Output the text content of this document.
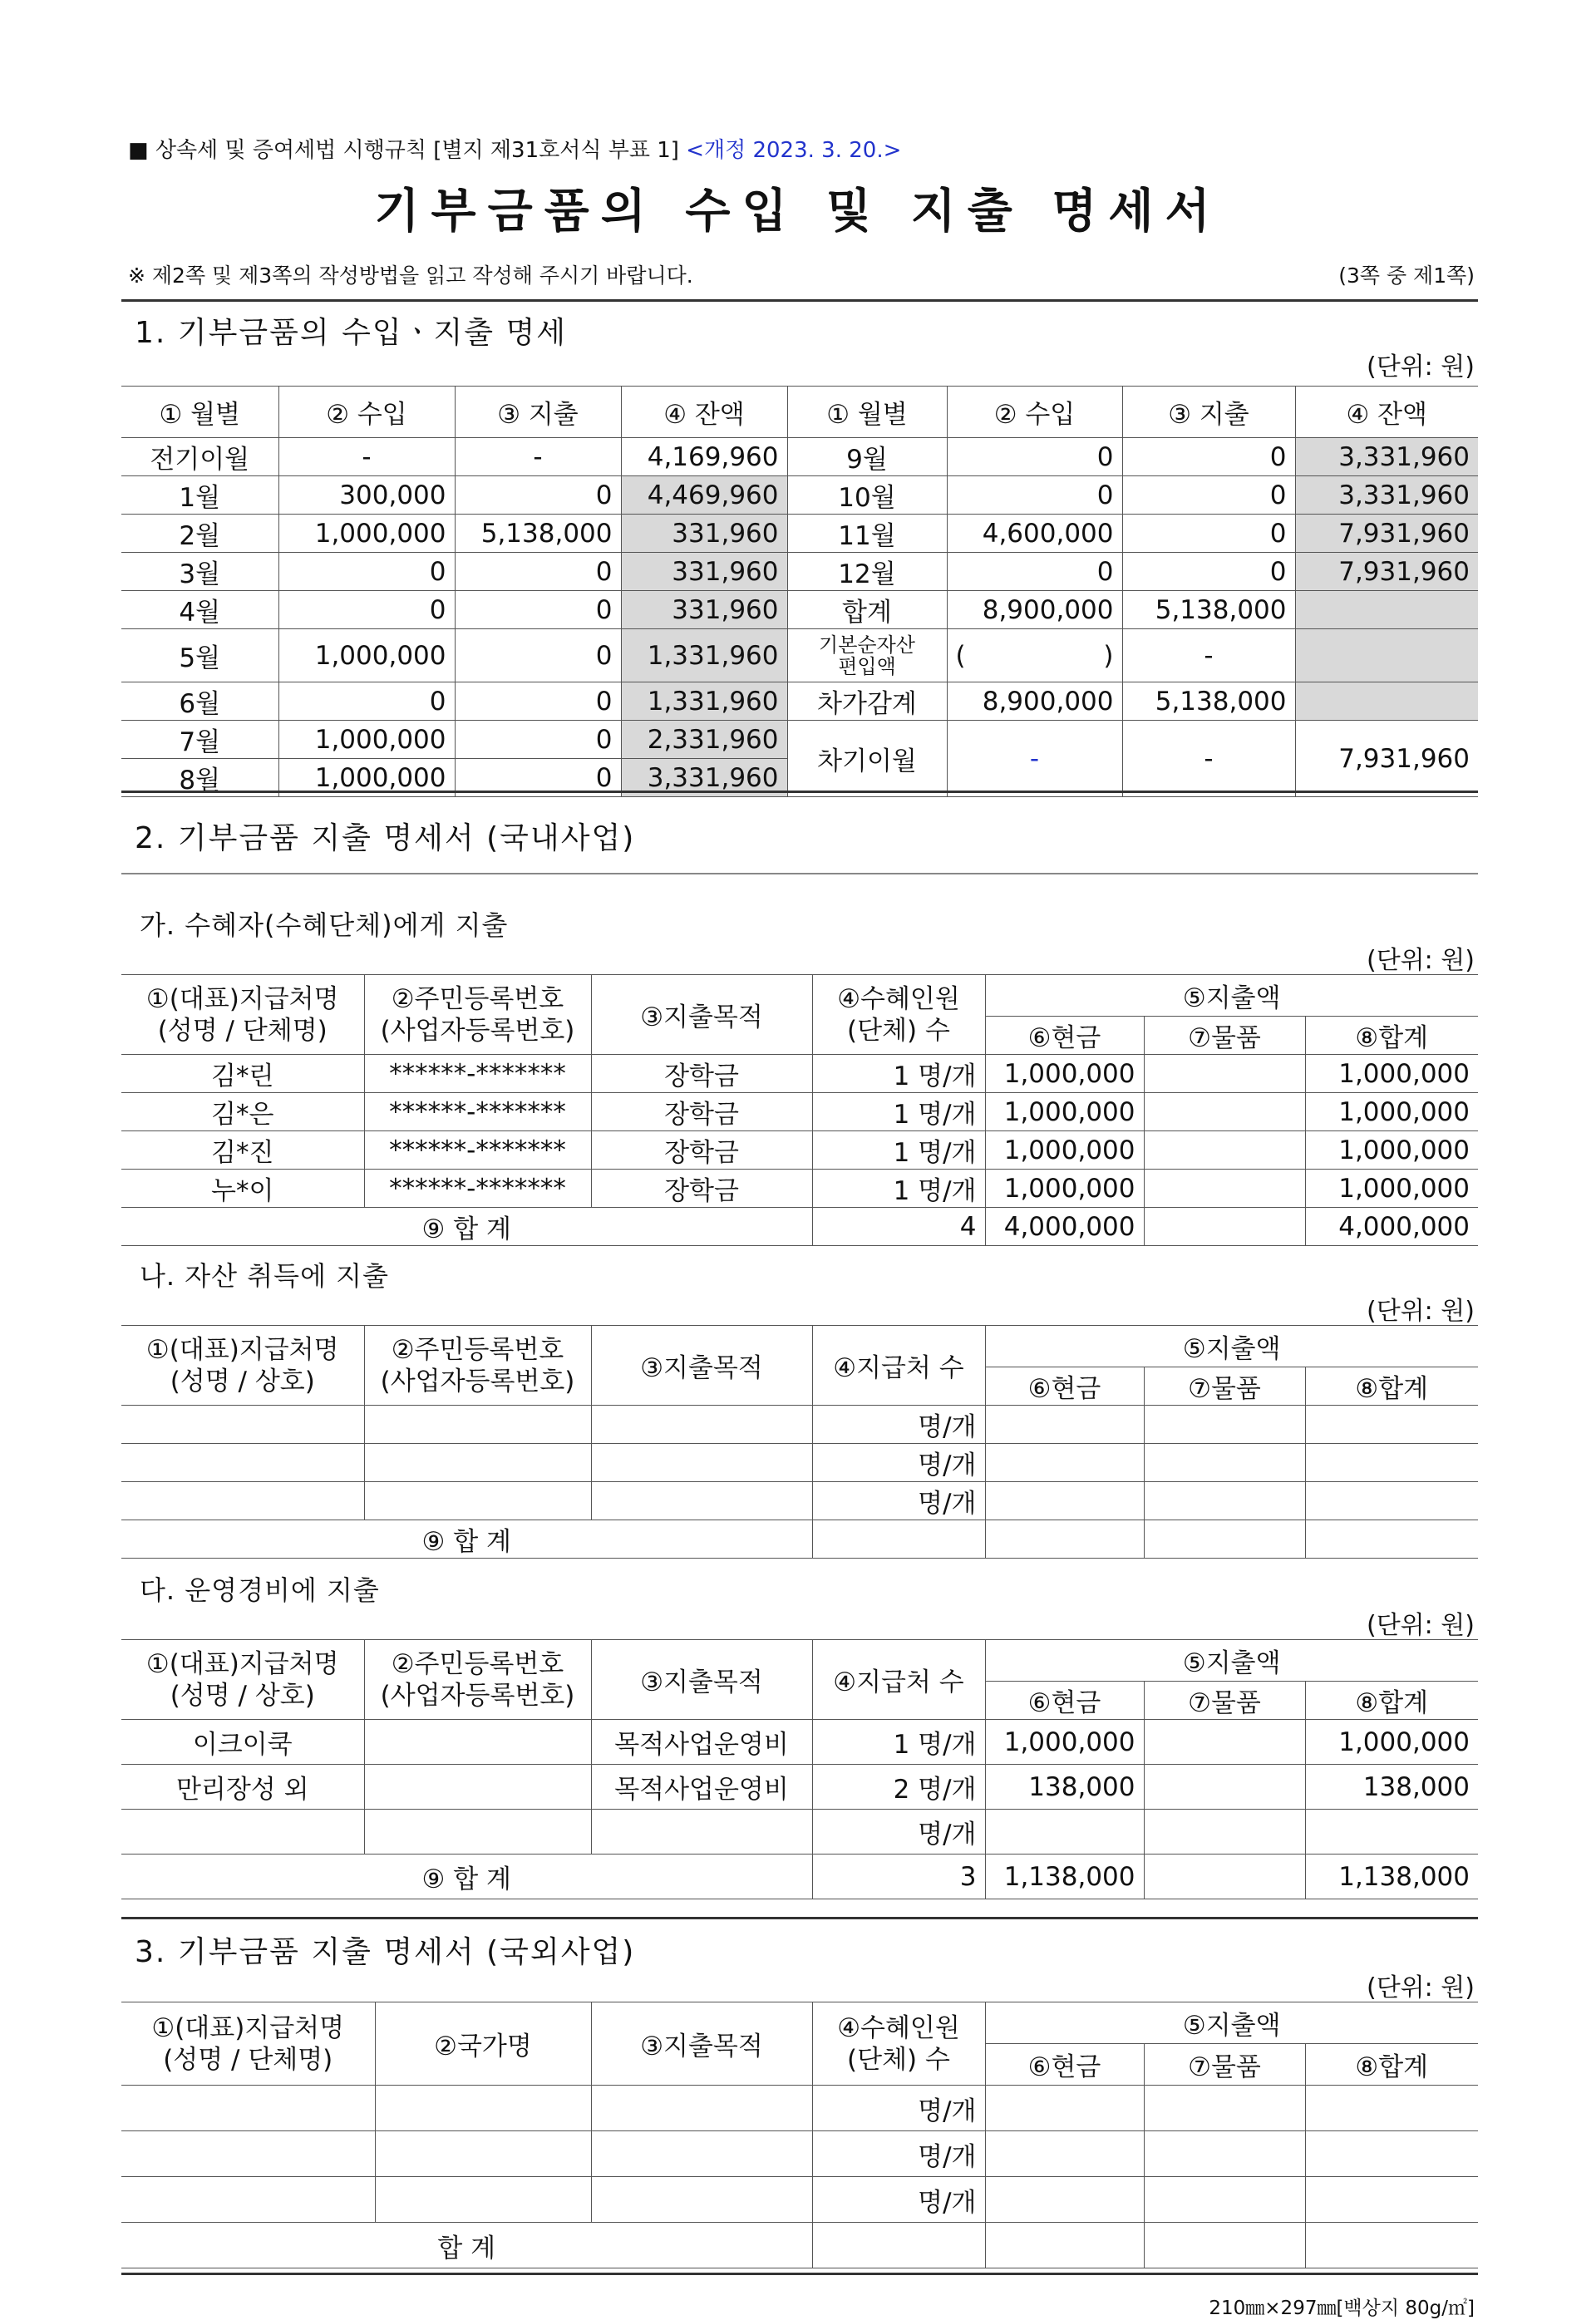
■ 상속세 및 증여세법 시행규칙 [별지 제31호서식 부표 1] <개정 2023. 3. 20.>
기부금품의 수입 및 지출 명세서
※ 제2쪽 및 제3쪽의 작성방법을 읽고 작성해 주시기 바랍니다.	(3쪽 중 제1쪽)
1. 기부금품의 수입ㆍ지출 명세
(단위: 원)
① 월별	② 수입	③ 지출	④ 잔액	① 월별	② 수입	③ 지출	④ 잔액
전기이월	-	-	4,169,960	9월	0	0	3,331,960
1월	300,000	0	4,469,960	10월	0	0	3,331,960
2월	1,000,000	5,138,000	331,960	11월	4,600,000	0	7,931,960
3월	0	0	331,960	12월	0	0	7,931,960
4월	0	0	331,960	합계	8,900,000	5,138,000	
5월	1,000,000	0	1,331,960	기본순자산
편입액	( )	-	
6월	0	0	1,331,960	차가감계	8,900,000	5,138,000	
7월	1,000,000	0	2,331,960	차기이월	-	-	7,931,960
8월	1,000,000	0	3,331,960				
2. 기부금품 지출 명세서 (국내사업)
가. 수혜자(수혜단체)에게 지출
(단위: 원)
①(대표)지급처명
(성명 / 단체명)	②주민등록번호
(사업자등록번호)	③지출목적	④수혜인원
(단체) 수	⑤지출액		
				⑥현금	⑦물품	⑧합계
김*린	******-*******	장학금	1 명/개	1,000,000		1,000,000
김*은	******-*******	장학금	1 명/개	1,000,000		1,000,000
김*진	******-*******	장학금	1 명/개	1,000,000		1,000,000
누*이	******-*******	장학금	1 명/개	1,000,000		1,000,000
⑨ 합 계			4	4,000,000		4,000,000
나. 자산 취득에 지출
(단위: 원)
①(대표)지급처명
(성명 / 상호)	②주민등록번호
(사업자등록번호)	③지출목적	④지급처 수	⑤지출액		
				⑥현금	⑦물품	⑧합계
			명/개			
			명/개			
			명/개			
⑨ 합 계						
다. 운영경비에 지출
(단위: 원)
①(대표)지급처명
(성명 / 상호)	②주민등록번호
(사업자등록번호)	③지출목적	④지급처 수	⑤지출액		
				⑥현금	⑦물품	⑧합계
이크이쿡		목적사업운영비	1 명/개	1,000,000		1,000,000
만리장성 외		목적사업운영비	2 명/개	138,000		138,000
			명/개			
⑨ 합 계			3	1,138,000		1,138,000
3. 기부금품 지출 명세서 (국외사업)
(단위: 원)
①(대표)지급처명
(성명 / 단체명)	②국가명	③지출목적	④수혜인원
(단체) 수	⑤지출액		
				⑥현금	⑦물품	⑧합계
			명/개			
			명/개			
			명/개			
합 계						
210㎜×297㎜[백상지 80g/㎡]
